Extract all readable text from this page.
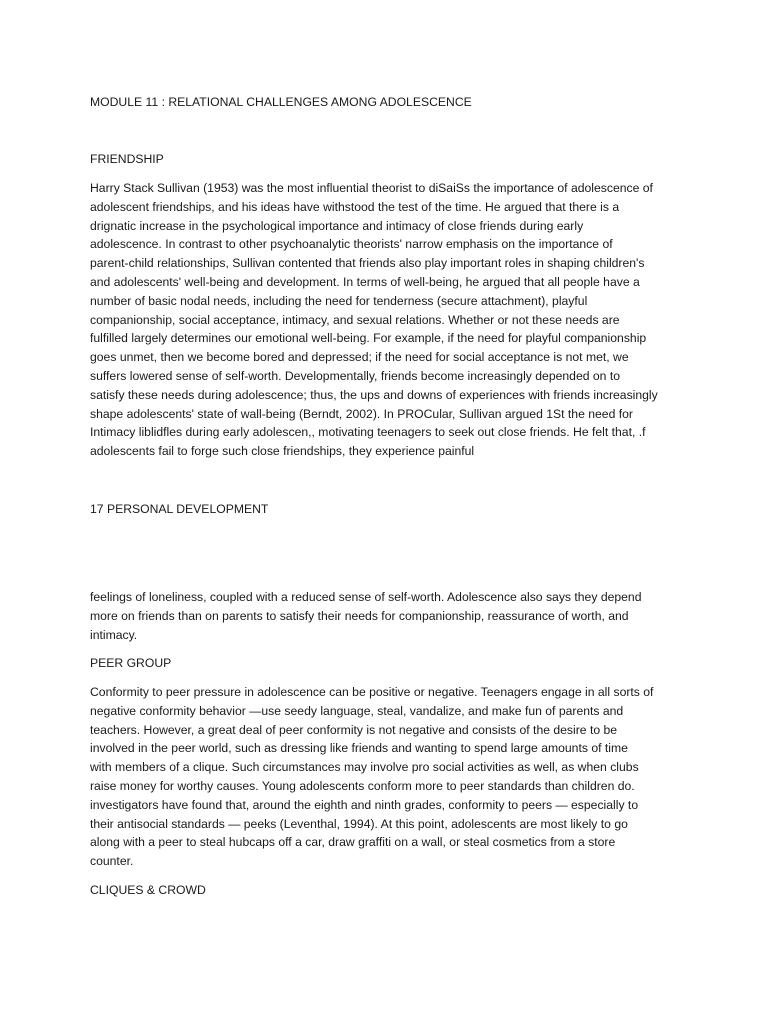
MODULE 11 : RELATIONAL CHALLENGES AMONG ADOLESCENCE

FRIENDSHIP

Harry Stack Sullivan (1953) was the most influential theorist to diSaiSs the importance of adolescence of
adolescent friendships, and his ideas have withstood the test of the time. He argued that there is a
drignatic increase in the psychological importance and intimacy of close friends during early
adolescence. In contrast to other psychoanalytic theorists' narrow emphasis on the importance of
parent-child relationships, Sullivan contented that friends also play important roles in shaping children's
and adolescents' well-being and development. In terms of well-being, he argued that all people have a
number of basic nodal needs, including the need for tenderness (secure attachment), playful
companionship, social acceptance, intimacy, and sexual relations. Whether or not these needs are
fulfilled largely determines our emotional well-being. For example, if the need for playful companionship
goes unmet, then we become bored and depressed; if the need for social acceptance is not met, we
suffers lowered sense of self-worth. Developmentally, friends become increasingly depended on to
satisfy these needs during adolescence; thus, the ups and downs of experiences with friends increasingly
shape adolescents' state of wall-being (Berndt, 2002). In PROCular, Sullivan argued 1St the need for
Intimacy liblidfles during early adolescen,, motivating teenagers to seek out close friends. He felt that, .f
adolescents fail to forge such close friendships, they experience painful

17 PERSONAL DEVELOPMENT

feelings of loneliness, coupled with a reduced sense of self-worth. Adolescence also says they depend
more on friends than on parents to satisfy their needs for companionship, reassurance of worth, and
intimacy.

PEER GROUP

Conformity to peer pressure in adolescence can be positive or negative. Teenagers engage in all sorts of
negative conformity behavior —use seedy language, steal, vandalize, and make fun of parents and
teachers. However, a great deal of peer conformity is not negative and consists of the desire to be
involved in the peer world, such as dressing like friends and wanting to spend large amounts of time
with members of a clique. Such circumstances may involve pro social activities as well, as when clubs
raise money for worthy causes. Young adolescents conform more to peer standards than children do.
investigators have found that, around the eighth and ninth grades, conformity to peers — especially to
their antisocial standards — peeks (Leventhal, 1994). At this point, adolescents are most likely to go
along with a peer to steal hubcaps off a car, draw graffiti on a wall, or steal cosmetics from a store
counter.

CLIQUES & CROWD
